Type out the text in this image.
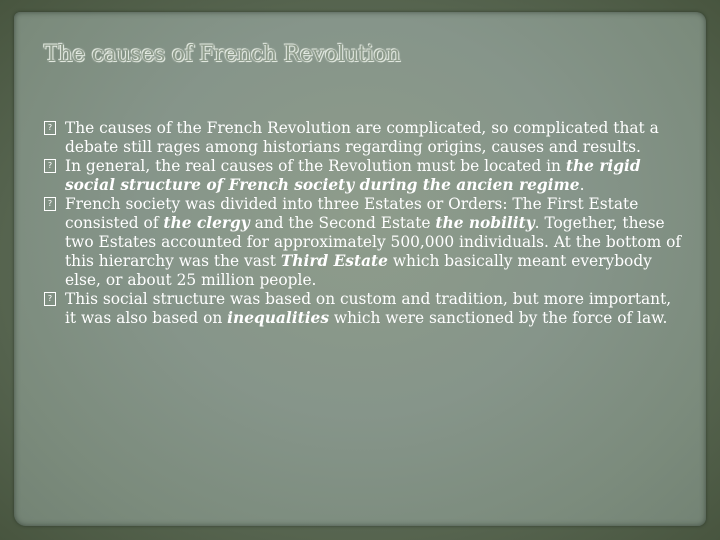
The causes of French Revolution
? The causes of the French Revolution are complicated, so complicated that a debate still rages among historians regarding origins, causes and results.
? In general, the real causes of the Revolution must be located in the rigid social structure of French society during the ancien regime.
? French society was divided into three Estates or Orders: The First Estate consisted of the clergy and the Second Estate the nobility. Together, these two Estates accounted for approximately 500,000 individuals. At the bottom of this hierarchy was the vast Third Estate which basically meant everybody else, or about 25 million people.
? This social structure was based on custom and tradition, but more important, it was also based on inequalities which were sanctioned by the force of law.
